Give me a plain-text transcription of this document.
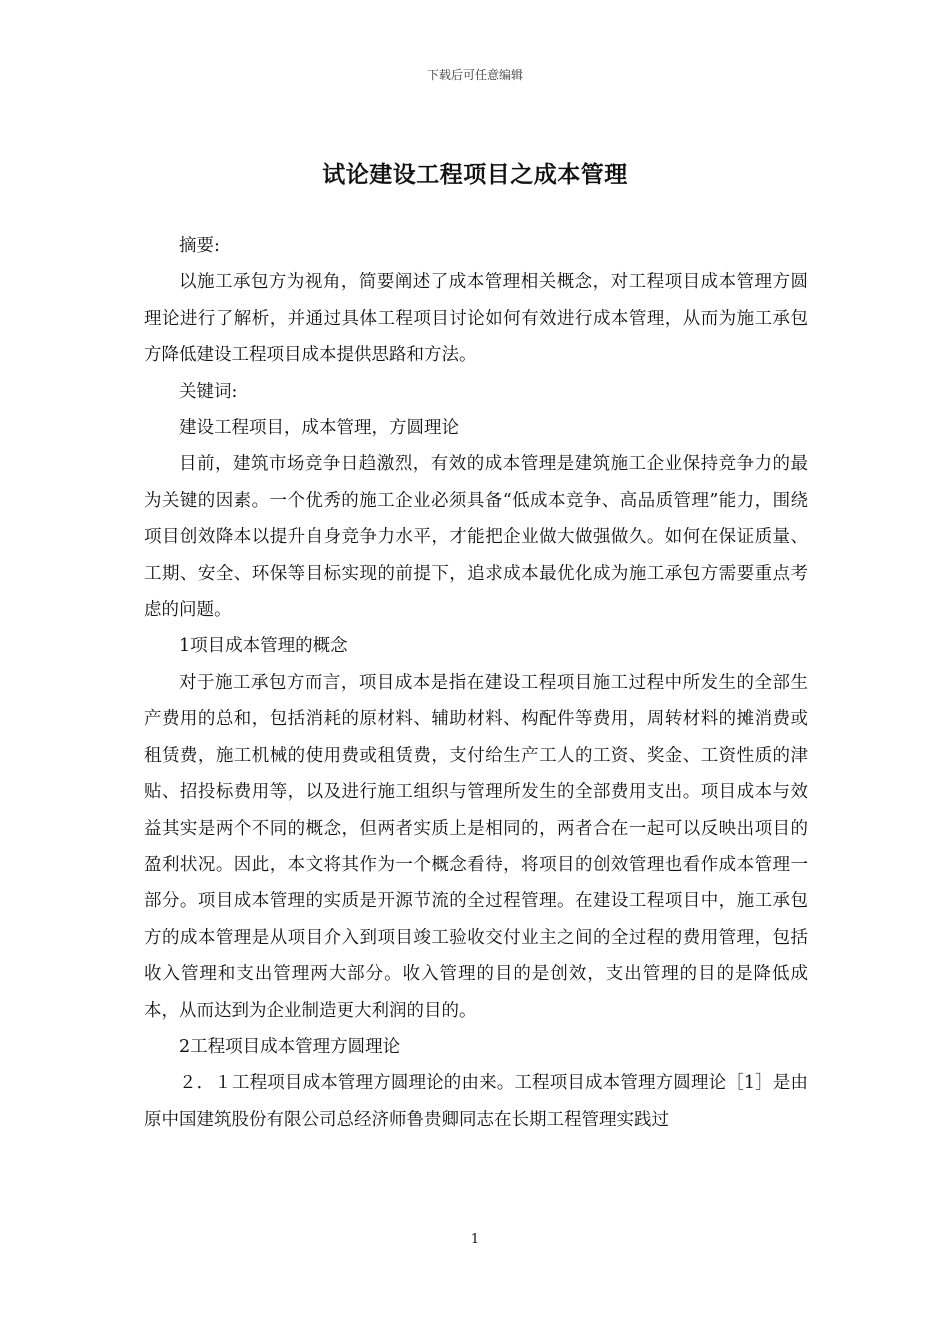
下载后可任意编辑
试论建设工程项目之成本管理

摘要:

以施工承包方为视角，简要阐述了成本管理相关概念，对工程项目成本管理方圆理论进行了解析，并通过具体工程项目讨论如何有效进行成本管理，从而为施工承包方降低建设工程项目成本提供思路和方法。

关键词:

建设工程项目，成本管理，方圆理论

目前，建筑市场竞争日趋激烈，有效的成本管理是建筑施工企业保持竞争力的最为关键的因素。一个优秀的施工企业必须具备“低成本竞争、高品质管理”能力，围绕项目创效降本以提升自身竞争力水平，才能把企业做大做强做久。如何在保证质量、工期、安全、环保等目标实现的前提下，追求成本最优化成为施工承包方需要重点考虑的问题。

1项目成本管理的概念

对于施工承包方而言，项目成本是指在建设工程项目施工过程中所发生的全部生产费用的总和，包括消耗的原材料、辅助材料、构配件等费用，周转材料的摊消费或租赁费，施工机械的使用费或租赁费，支付给生产工人的工资、奖金、工资性质的津贴、招投标费用等，以及进行施工组织与管理所发生的全部费用支出。项目成本与效益其实是两个不同的概念，但两者实质上是相同的，两者合在一起可以反映出项目的盈利状况。因此，本文将其作为一个概念看待，将项目的创效管理也看作成本管理一部分。项目成本管理的实质是开源节流的全过程管理。在建设工程项目中，施工承包方的成本管理是从项目介入到项目竣工验收交付业主之间的全过程的费用管理，包括收入管理和支出管理两大部分。收入管理的目的是创效，支出管理的目的是降低成本，从而达到为企业制造更大利润的目的。

2工程项目成本管理方圆理论

２．１工程项目成本管理方圆理论的由来。工程项目成本管理方圆理论［1］是由原中国建筑股份有限公司总经济师鲁贵卿同志在长期工程管理实践过

1
